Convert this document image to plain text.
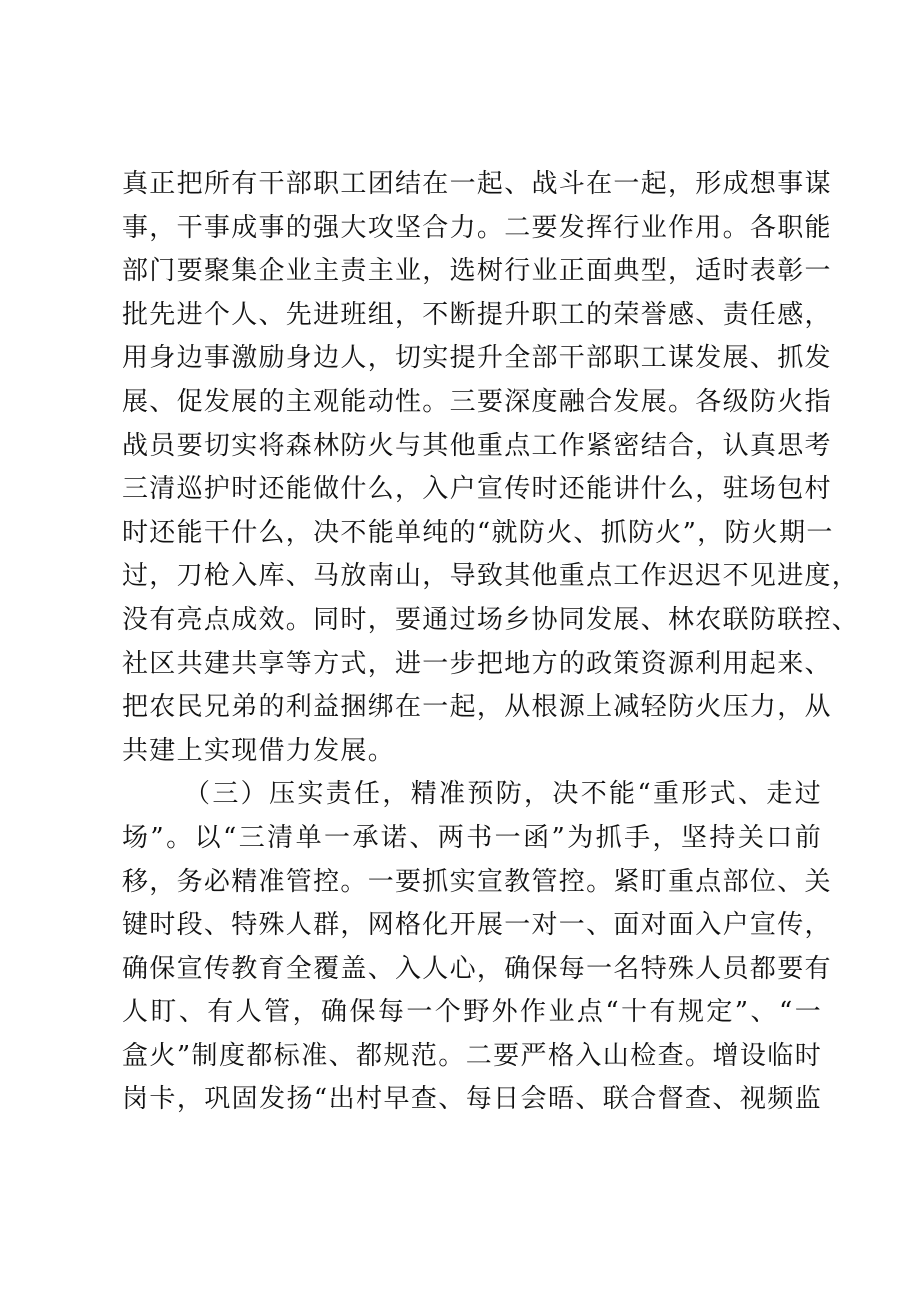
真正把所有干部职工团结在一起、战斗在一起，形成想事谋
事，干事成事的强大攻坚合力。二要发挥行业作用。各职能
部门要聚集企业主责主业，选树行业正面典型，适时表彰一
批先进个人、先进班组，不断提升职工的荣誉感、责任感，
用身边事激励身边人，切实提升全部干部职工谋发展、抓发
展、促发展的主观能动性。三要深度融合发展。各级防火指
战员要切实将森林防火与其他重点工作紧密结合，认真思考
三清巡护时还能做什么，入户宣传时还能讲什么，驻场包村
时还能干什么，决不能单纯的“就防火、抓防火”，防火期一
过，刀枪入库、马放南山，导致其他重点工作迟迟不见进度，
没有亮点成效。同时，要通过场乡协同发展、林农联防联控、
社区共建共享等方式，进一步把地方的政策资源利用起来、
把农民兄弟的利益捆绑在一起，从根源上减轻防火压力，从
共建上实现借力发展。
（三）压实责任，精准预防，决不能“重形式、走过
场”。以“三清单一承诺、两书一函”为抓手，坚持关口前
移，务必精准管控。一要抓实宣教管控。紧盯重点部位、关
键时段、特殊人群，网格化开展一对一、面对面入户宣传，
确保宣传教育全覆盖、入人心，确保每一名特殊人员都要有
人盯、有人管，确保每一个野外作业点“十有规定”、“一
盒火”制度都标准、都规范。二要严格入山检查。增设临时
岗卡，巩固发扬“出村早查、每日会晤、联合督查、视频监
